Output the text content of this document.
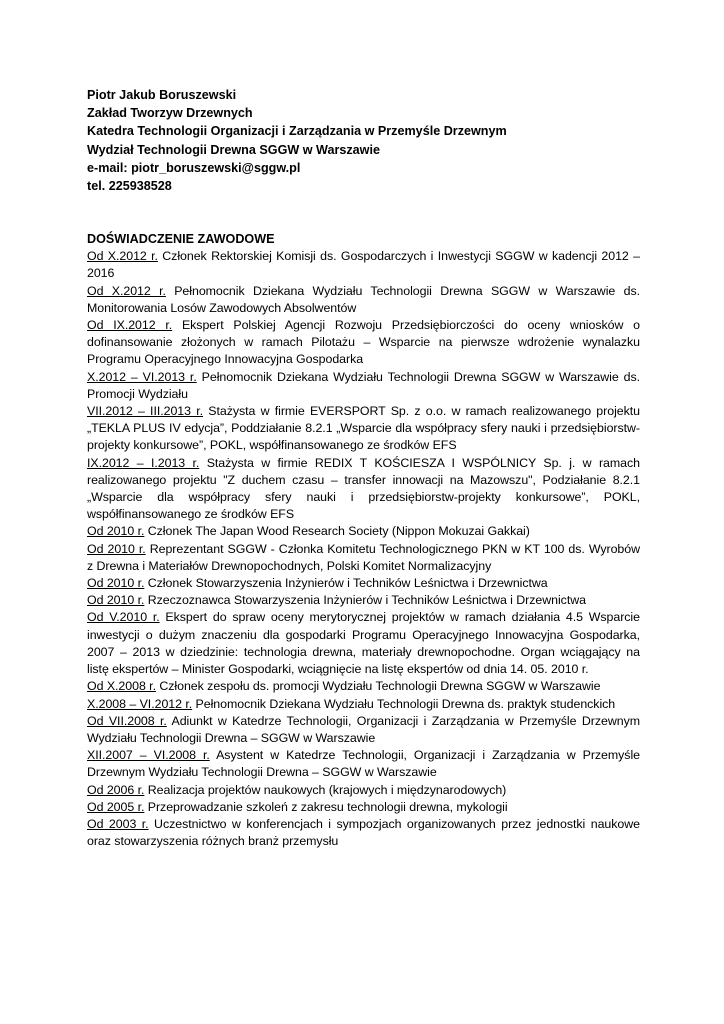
Piotr Jakub Boruszewski
Zakład Tworzyw Drzewnych
Katedra Technologii Organizacji i Zarządzania w Przemyśle Drzewnym
Wydział Technologii Drewna SGGW w Warszawie
e-mail: piotr_boruszewski@sggw.pl
tel. 225938528
DOŚWIADCZENIE ZAWODOWE
Od X.2012 r. Członek Rektorskiej Komisji ds. Gospodarczych i Inwestycji SGGW w kadencji 2012 – 2016
Od X.2012 r. Pełnomocnik Dziekana Wydziału Technologii Drewna SGGW w Warszawie ds. Monitorowania Losów Zawodowych Absolwentów
Od IX.2012 r. Ekspert Polskiej Agencji Rozwoju Przedsiębiorczości do oceny wniosków o dofinansowanie złożonych w ramach Pilotażu – Wsparcie na pierwsze wdrożenie wynalazku Programu Operacyjnego Innowacyjna Gospodarka
X.2012 – VI.2013 r. Pełnomocnik Dziekana Wydziału Technologii Drewna SGGW w Warszawie ds. Promocji Wydziału
VII.2012 – III.2013 r. Stażysta w firmie EVERSPORT Sp. z o.o. w ramach realizowanego projektu „TEKLA PLUS IV edycja”, Poddziałanie 8.2.1 „Wsparcie dla współpracy sfery nauki i przedsiębiorstw-projekty konkursowe”, POKL, współfinansowanego ze środków EFS
IX.2012 – I.2013 r. Stażysta w firmie REDIX T KOŚCIESZA I WSPÓLNICY Sp. j. w ramach realizowanego projektu "Z duchem czasu – transfer innowacji na Mazowszu", Podziałanie 8.2.1 „Wsparcie dla współpracy sfery nauki i przedsiębiorstw-projekty konkursowe”, POKL, współfinansowanego ze środków EFS
Od 2010 r. Członek The Japan Wood Research Society (Nippon Mokuzai Gakkai)
Od 2010 r. Reprezentant SGGW - Członka Komitetu Technologicznego PKN w KT 100 ds. Wyrobów z Drewna i Materiałów Drewnopochodnych, Polski Komitet Normalizacyjny
Od 2010 r. Członek Stowarzyszenia Inżynierów i Techników Leśnictwa i Drzewnictwa
Od 2010 r. Rzeczoznawca Stowarzyszenia Inżynierów i Techników Leśnictwa i Drzewnictwa
Od V.2010 r. Ekspert do spraw oceny merytorycznej projektów w ramach działania 4.5 Wsparcie inwestycji o dużym znaczeniu dla gospodarki Programu Operacyjnego Innowacyjna Gospodarka, 2007 – 2013 w dziedzinie: technologia drewna, materiały drewnopochodne. Organ wciągający na listę ekspertów – Minister Gospodarki, wciągnięcie na listę ekspertów od dnia 14. 05. 2010 r.
Od X.2008 r. Członek zespołu ds. promocji Wydziału Technologii Drewna SGGW w Warszawie
X.2008 – VI.2012 r. Pełnomocnik Dziekana Wydziału Technologii Drewna ds. praktyk studenckich
Od VII.2008 r. Adiunkt w Katedrze Technologii, Organizacji i Zarządzania w Przemyśle Drzewnym Wydziału Technologii Drewna – SGGW w Warszawie
XII.2007 – VI.2008 r. Asystent w Katedrze Technologii, Organizacji i Zarządzania w Przemyśle Drzewnym Wydziału Technologii Drewna – SGGW w Warszawie
Od 2006 r. Realizacja projektów naukowych (krajowych i międzynarodowych)
Od 2005 r. Przeprowadzanie szkoleń z zakresu technologii drewna, mykologii
Od 2003 r. Uczestnictwo w konferencjach i sympozjach organizowanych przez jednostki naukowe oraz stowarzyszenia różnych branż przemysłu
